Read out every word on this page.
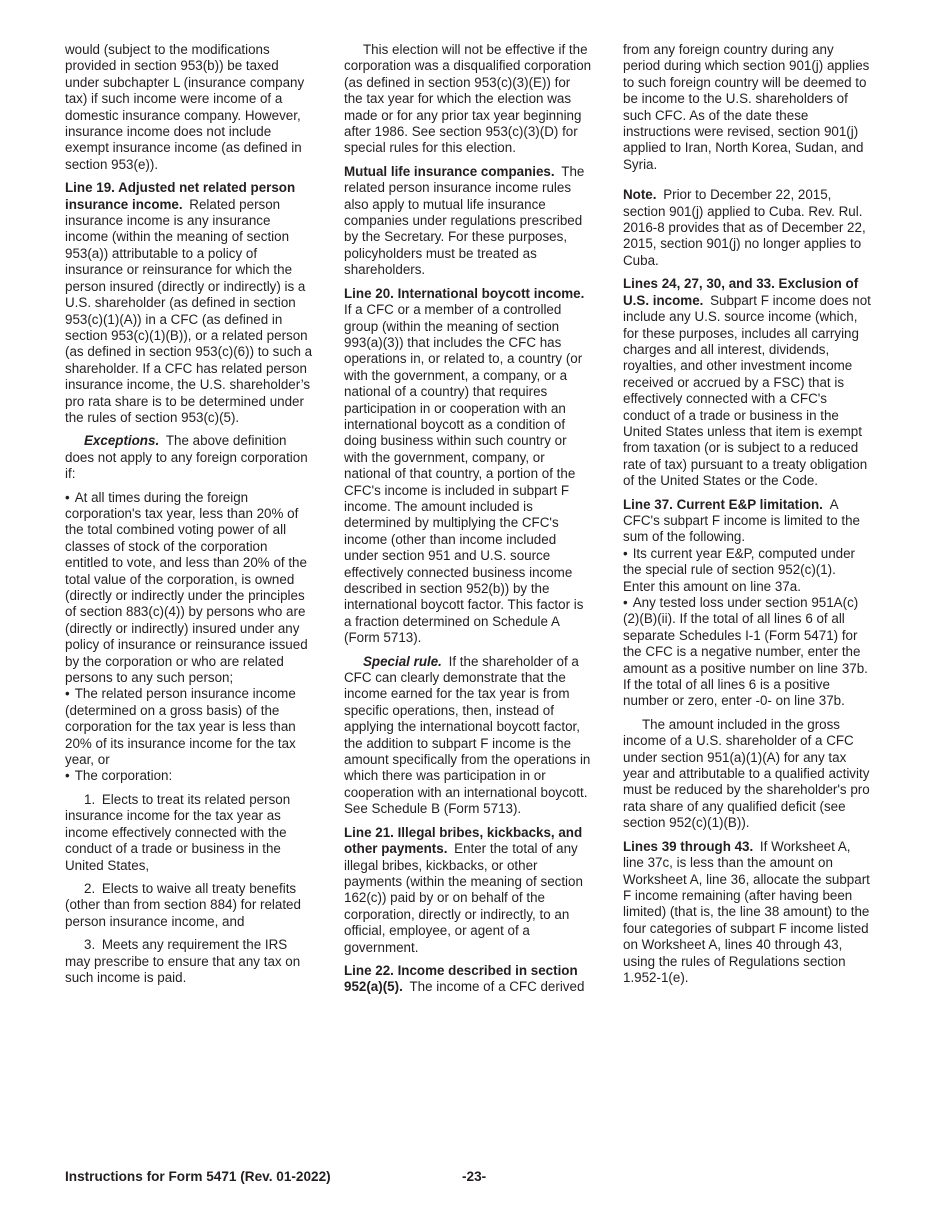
would (subject to the modifications provided in section 953(b)) be taxed under subchapter L (insurance company tax) if such income were income of a domestic insurance company. However, insurance income does not include exempt insurance income (as defined in section 953(e)).

Line 19. Adjusted net related person insurance income.  Related person insurance income is any insurance income (within the meaning of section 953(a)) attributable to a policy of insurance or reinsurance for which the person insured (directly or indirectly) is a U.S. shareholder (as defined in section 953(c)(1)(A)) in a CFC (as defined in section 953(c)(1)(B)), or a related person (as defined in section 953(c)(6)) to such a shareholder. If a CFC has related person insurance income, the U.S. shareholder’s pro rata share is to be determined under the rules of section 953(c)(5).

Exceptions.  The above definition does not apply to any foreign corporation if:

• At all times during the foreign corporation's tax year, less than 20% of the total combined voting power of all classes of stock of the corporation entitled to vote, and less than 20% of the total value of the corporation, is owned (directly or indirectly under the principles of section 883(c)(4)) by persons who are (directly or indirectly) insured under any policy of insurance or reinsurance issued by the corporation or who are related persons to any such person;
• The related person insurance income (determined on a gross basis) of the corporation for the tax year is less than 20% of its insurance income for the tax year, or
• The corporation:

1. Elects to treat its related person insurance income for the tax year as income effectively connected with the conduct of a trade or business in the United States,

2. Elects to waive all treaty benefits (other than from section 884) for related person insurance income, and

3. Meets any requirement the IRS may prescribe to ensure that any tax on such income is paid.

This election will not be effective if the corporation was a disqualified corporation (as defined in section 953(c)(3)(E)) for the tax year for which the election was made or for any prior tax year beginning after 1986. See section 953(c)(3)(D) for special rules for this election.

Mutual life insurance companies.  The related person insurance income rules also apply to mutual life insurance companies under regulations prescribed by the Secretary. For these purposes, policyholders must be treated as shareholders.

Line 20. International boycott income. If a CFC or a member of a controlled group (within the meaning of section 993(a)(3)) that includes the CFC has operations in, or related to, a country (or with the government, a company, or a national of a country) that requires participation in or cooperation with an international boycott as a condition of doing business within such country or with the government, company, or national of that country, a portion of the CFC's income is included in subpart F income. The amount included is determined by multiplying the CFC's income (other than income included under section 951 and U.S. source effectively connected business income described in section 952(b)) by the international boycott factor. This factor is a fraction determined on Schedule A (Form 5713).

Special rule.  If the shareholder of a CFC can clearly demonstrate that the income earned for the tax year is from specific operations, then, instead of applying the international boycott factor, the addition to subpart F income is the amount specifically from the operations in which there was participation in or cooperation with an international boycott. See Schedule B (Form 5713).

Line 21. Illegal bribes, kickbacks, and other payments.  Enter the total of any illegal bribes, kickbacks, or other payments (within the meaning of section 162(c)) paid by or on behalf of the corporation, directly or indirectly, to an official, employee, or agent of a government.

Line 22. Income described in section 952(a)(5).  The income of a CFC derived

from any foreign country during any period during which section 901(j) applies to such foreign country will be deemed to be income to the U.S. shareholders of such CFC. As of the date these instructions were revised, section 901(j) applied to Iran, North Korea, Sudan, and Syria.

Note.  Prior to December 22, 2015, section 901(j) applied to Cuba. Rev. Rul. 2016-8 provides that as of December 22, 2015, section 901(j) no longer applies to Cuba.

Lines 24, 27, 30, and 33. Exclusion of U.S. income.  Subpart F income does not include any U.S. source income (which, for these purposes, includes all carrying charges and all interest, dividends, royalties, and other investment income received or accrued by a FSC) that is effectively connected with a CFC's conduct of a trade or business in the United States unless that item is exempt from taxation (or is subject to a reduced rate of tax) pursuant to a treaty obligation of the United States or the Code.

Line 37. Current E&P limitation.  A CFC's subpart F income is limited to the sum of the following.

• Its current year E&P, computed under the special rule of section 952(c)(1). Enter this amount on line 37a.
• Any tested loss under section 951A(c)(2)(B)(ii). If the total of all lines 6 of all separate Schedules I-1 (Form 5471) for the CFC is a negative number, enter the amount as a positive number on line 37b. If the total of all lines 6 is a positive number or zero, enter -0- on line 37b.

The amount included in the gross income of a U.S. shareholder of a CFC under section 951(a)(1)(A) for any tax year and attributable to a qualified activity must be reduced by the shareholder's pro rata share of any qualified deficit (see section 952(c)(1)(B)).

Lines 39 through 43.  If Worksheet A, line 37c, is less than the amount on Worksheet A, line 36, allocate the subpart F income remaining (after having been limited) (that is, the line 38 amount) to the four categories of subpart F income listed on Worksheet A, lines 40 through 43, using the rules of Regulations section 1.952-1(e).

Instructions for Form 5471 (Rev. 01-2022)	-23-
